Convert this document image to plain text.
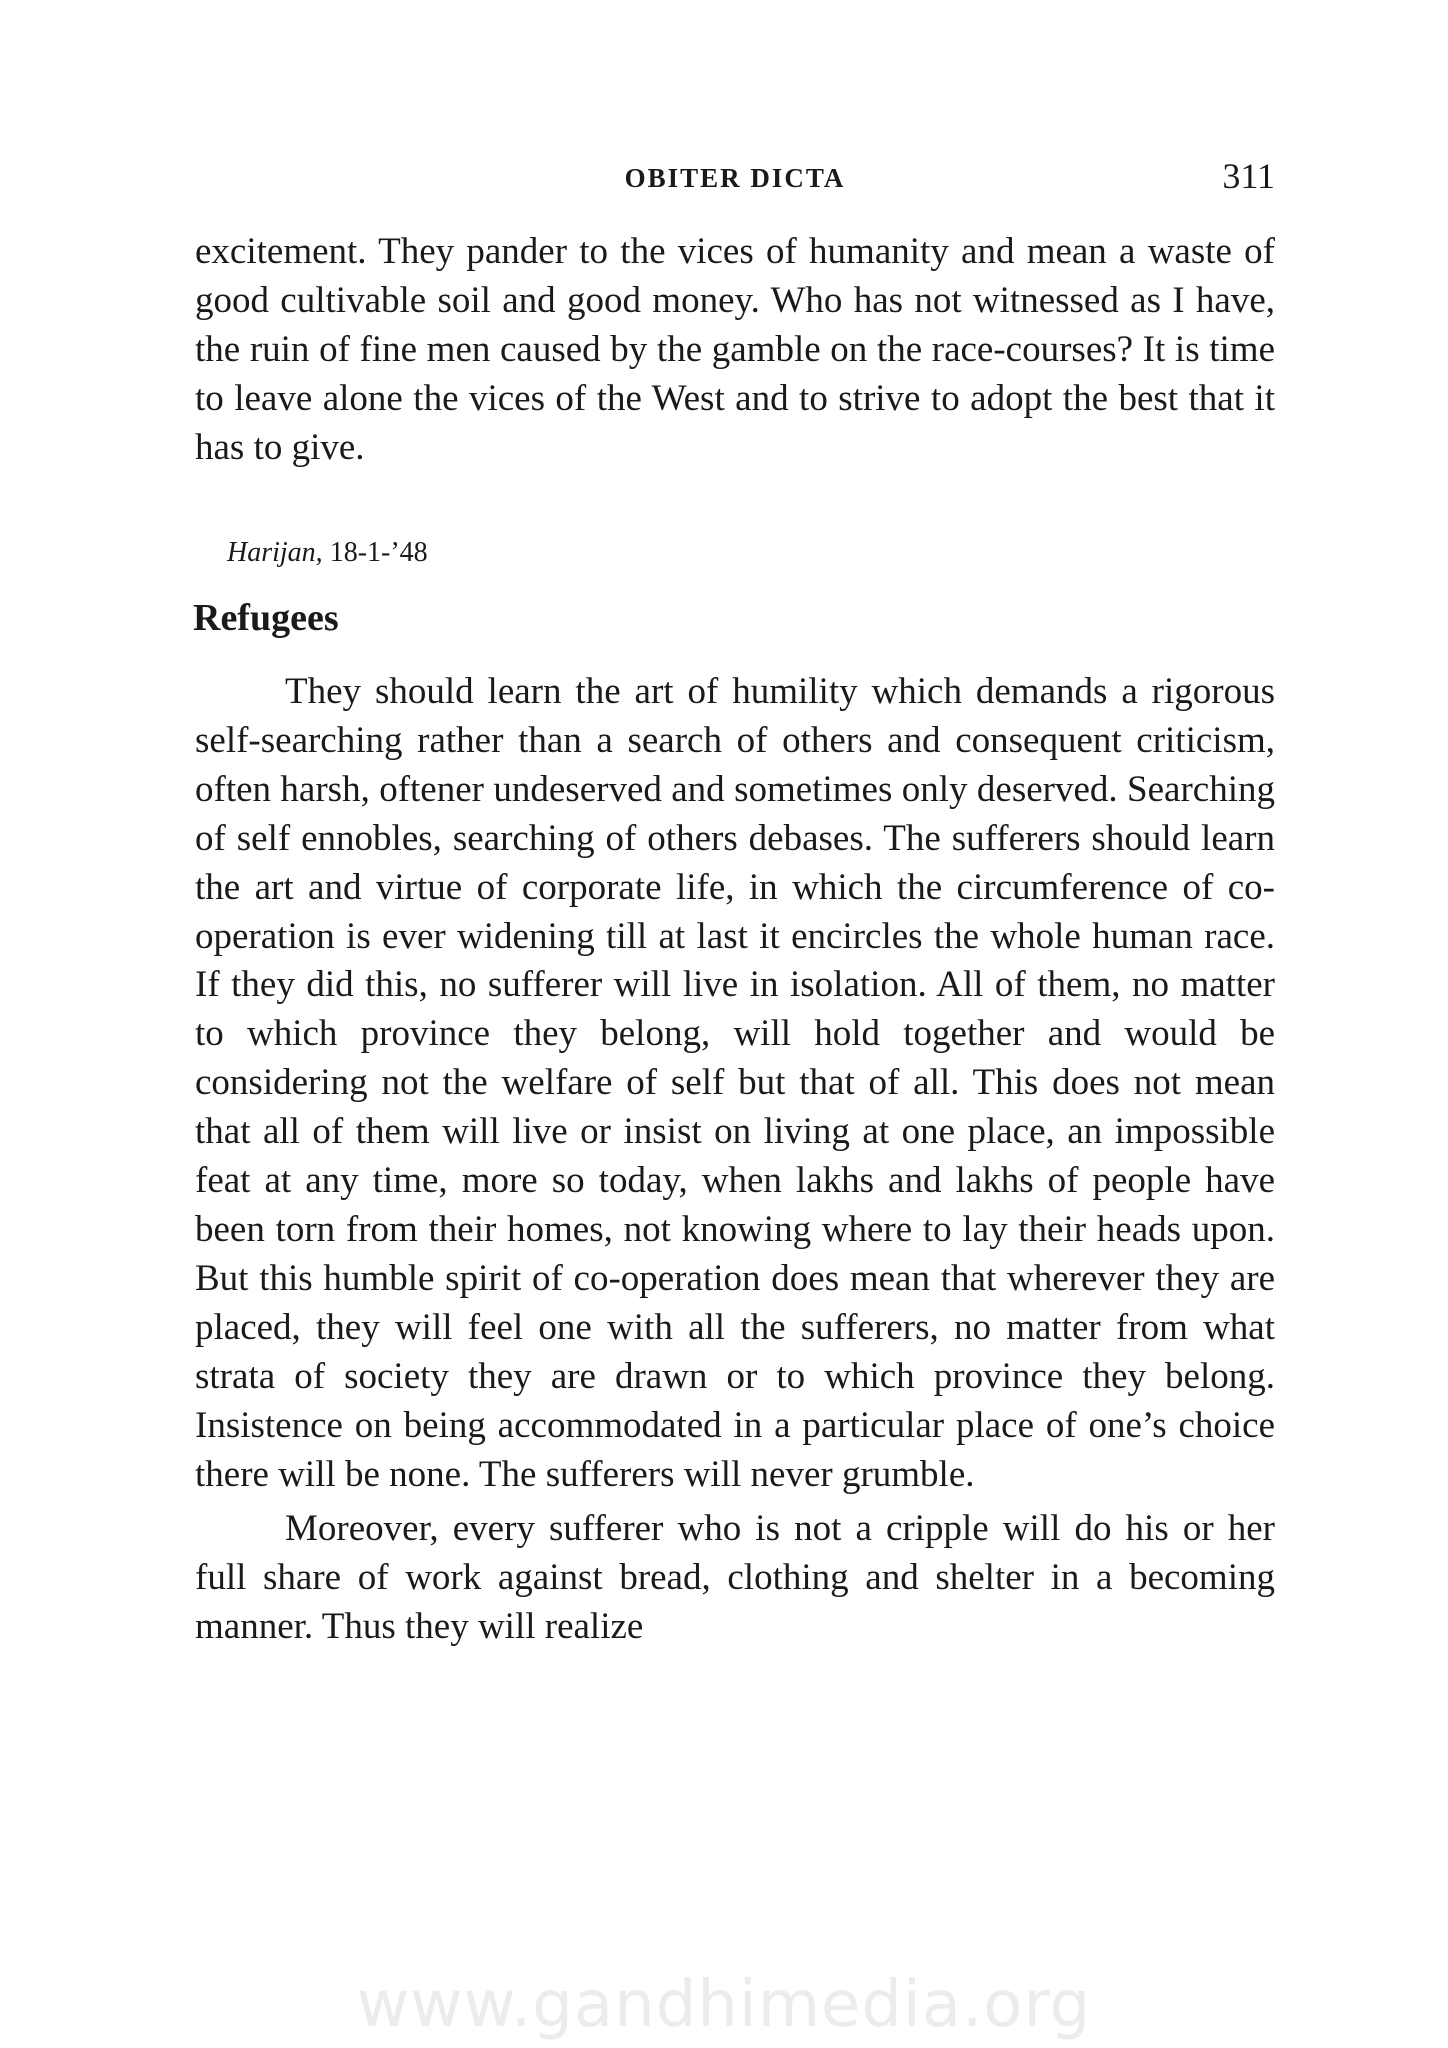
OBITER DICTA	311

excitement. They pander to the vices of humanity and mean a waste of good cultivable soil and good money. Who has not witnessed as I have, the ruin of fine men caused by the gamble on the race-courses? It is time to leave alone the vices of the West and to strive to adopt the best that it has to give.

Harijan, 18-1-’48
Refugees

They should learn the art of humility which demands a rigorous self-searching rather than a search of others and consequent criticism, often harsh, oftener undeserved and sometimes only deserved. Searching of self ennobles, searching of others debases. The sufferers should learn the art and virtue of corporate life, in which the circumference of co-operation is ever widening till at last it encircles the whole human race. If they did this, no sufferer will live in isolation. All of them, no matter to which province they belong, will hold together and would be considering not the welfare of self but that of all. This does not mean that all of them will live or insist on living at one place, an impossible feat at any time, more so today, when lakhs and lakhs of people have been torn from their homes, not knowing where to lay their heads upon. But this humble spirit of co-operation does mean that wherever they are placed, they will feel one with all the sufferers, no matter from what strata of society they are drawn or to which province they belong. Insistence on being accommodated in a particular place of one’s choice there will be none. The sufferers will never grumble.

Moreover, every sufferer who is not a cripple will do his or her full share of work against bread, clothing and shelter in a becoming manner. Thus they will realize

www.gandhimedia.org
